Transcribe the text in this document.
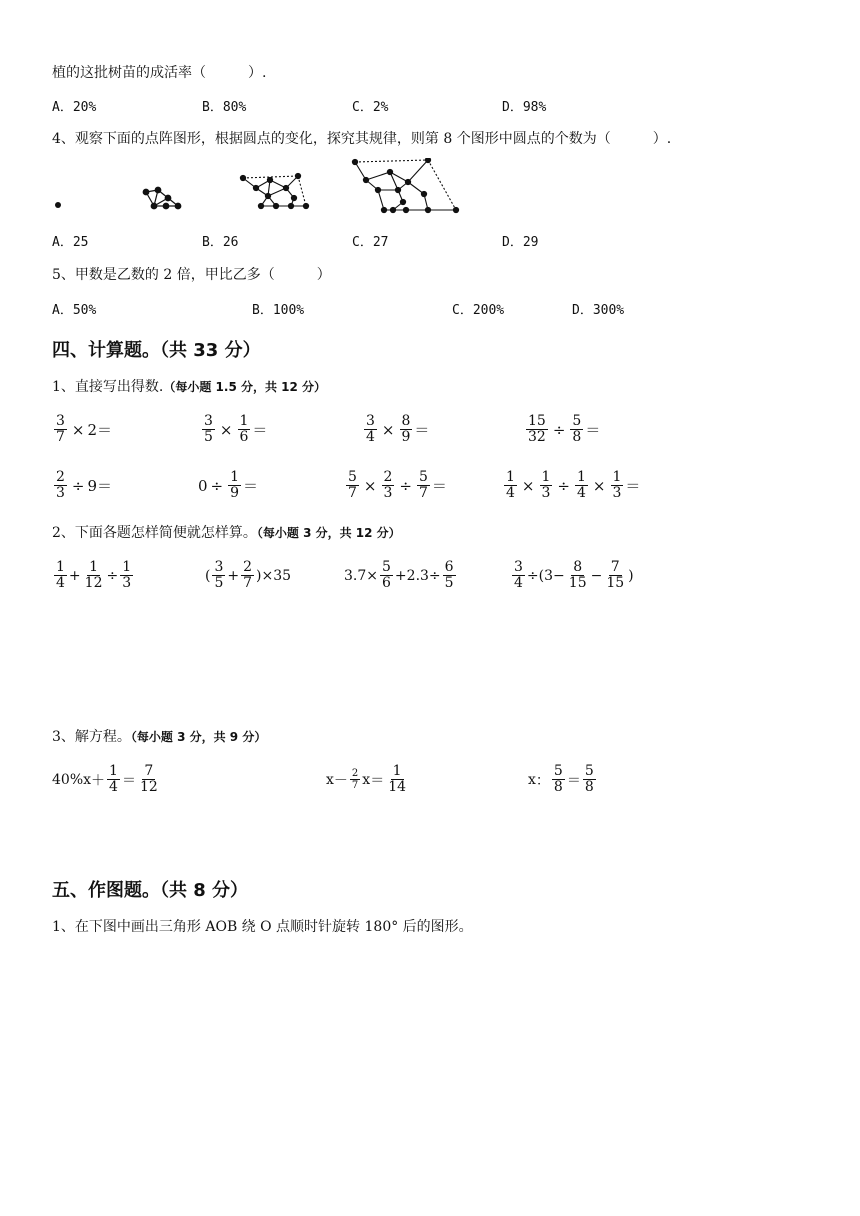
植的这批树苗的成活率（　　　）.
A．20%	B．80%	C．2%	D．98%
4、观察下面的点阵图形，根据圆点的变化，探究其规律，则第 8 个图形中圆点的个数为（　　　）.
A．25	B．26	C．27	D．29
5、甲数是乙数的 2 倍，甲比乙多（　　　）
A．50%	B．100%	C．200%	D．300%
四、计算题。（共 33 分）
1、直接写出得数.（每小题 1.5 分，共 12 分）
$\frac{3}{7} \times 2$ ＝	$\frac{3}{5} \times \frac{1}{6}$ ＝	$\frac{3}{4} \times \frac{8}{9}$ ＝	$\frac{15}{32} \div \frac{5}{8}$ ＝
$\frac{2}{3} \div 9$ ＝	$0 \div \frac{1}{9}$ ＝	$\frac{5}{7} \times \frac{2}{3} \div \frac{5}{7}$ ＝	$\frac{1}{4} \times \frac{1}{3} \div \frac{1}{4} \times \frac{1}{3}$ ＝
2、下面各题怎样简便就怎样算。（每小题 3 分，共 12 分）
$\frac{1}{4} + \frac{1}{12} \div \frac{1}{3}$	( $\frac{3}{5} + \frac{2}{7}$ ) × 35	$3.7 \times \frac{5}{6} + 2.3 \div \frac{6}{5}$	$\frac{3}{4}$ ÷ ( $3 - \frac{8}{15} - \frac{7}{15}$ )
3、解方程。（每小题 3 分，共 9 分）
$40\%x + \frac{1}{4} = \frac{7}{12}$	$x - \frac{2}{7}$ $x = \frac{1}{14}$	x ： $\frac{5}{8} = \frac{5}{8}$
五、作图题。（共 8 分）
1、在下图中画出三角形 AOB 绕 O 点顺时针旋转 180° 后的图形。
